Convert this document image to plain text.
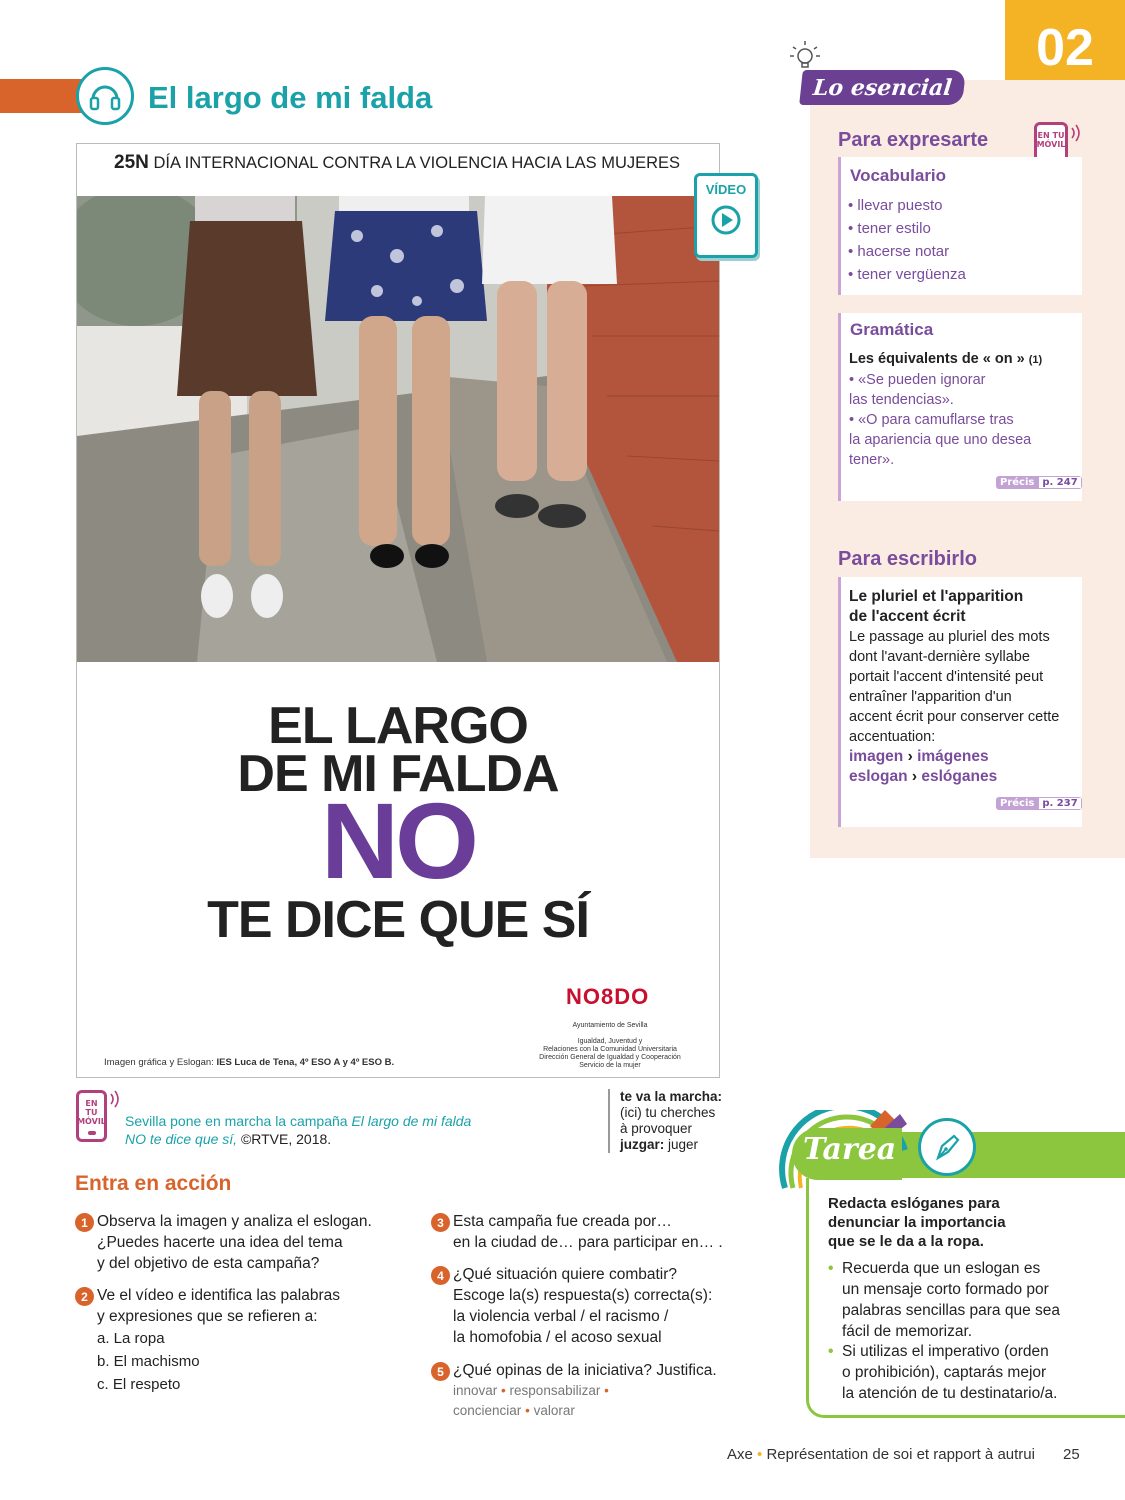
El largo de mi falda
02
Lo esencial
Para expresarte	EN TU
MÓVIL
Vocabulario
• llevar puesto
• tener estilo
• hacerse notar
• tener vergüenza
Gramática
Les équivalents de « on » (1)
• «Se pueden ignorar
las tendencias».
• «O para camuflarse tras
la apariencia que uno desea
tener».
Précis p. 247
Para escribirlo
Le pluriel et l'apparition
de l'accent écrit
Le passage au pluriel des mots
dont l'avant-dernière syllabe
portait l'accent d'intensité peut
entraîner l'apparition d'un
accent écrit pour conserver cette
accentuation:
imagen › imágenes
eslogan › eslóganes
Précis p. 237
25N DÍA INTERNACIONAL CONTRA LA VIOLENCIA HACIA LAS MUJERES
EL LARGO
DE MI FALDA
NO
TE DICE QUE SÍ
NO8DO
Ayuntamiento de Sevilla
Igualdad, Juventud y
Relaciones con la Comunidad Universitaria
Dirección General de Igualdad y Cooperación
Servicio de la mujer
Imagen gráfica y Eslogan: IES Luca de Tena, 4º ESO A y 4º ESO B.
VÍDEO
EN TU
MÓVIL Sevilla pone en marcha la campaña El largo de mi falda
NO te dice que sí, ©RTVE, 2018.
te va la marcha:
(ici) tu cherches
à provoquer
juzgar: juger
Entra en acción
1 Observa la imagen y analiza el eslogan.
¿Puedes hacerte una idea del tema
y del objetivo de esta campaña?
2 Ve el vídeo e identifica las palabras
y expresiones que se refieren a:
a. La ropa
b. El machismo
c. El respeto
3 Esta campaña fue creada por…
en la ciudad de… para participar en… .
4 ¿Qué situación quiere combatir?
Escoge la(s) respuesta(s) correcta(s):
la violencia verbal / el racismo /
la homofobia / el acoso sexual
5 ¿Qué opinas de la iniciativa? Justifica.
innovar • responsabilizar •
concienciar • valorar
Tarea
Redacta eslóganes para
denunciar la importancia
que se le da a la ropa.
• Recuerda que un eslogan es
un mensaje corto formado por
palabras sencillas para que sea
fácil de memorizar.
• Si utilizas el imperativo (orden
o prohibición), captarás mejor
la atención de tu destinatario/a.
Axe • Représentation de soi et rapport à autrui 25
